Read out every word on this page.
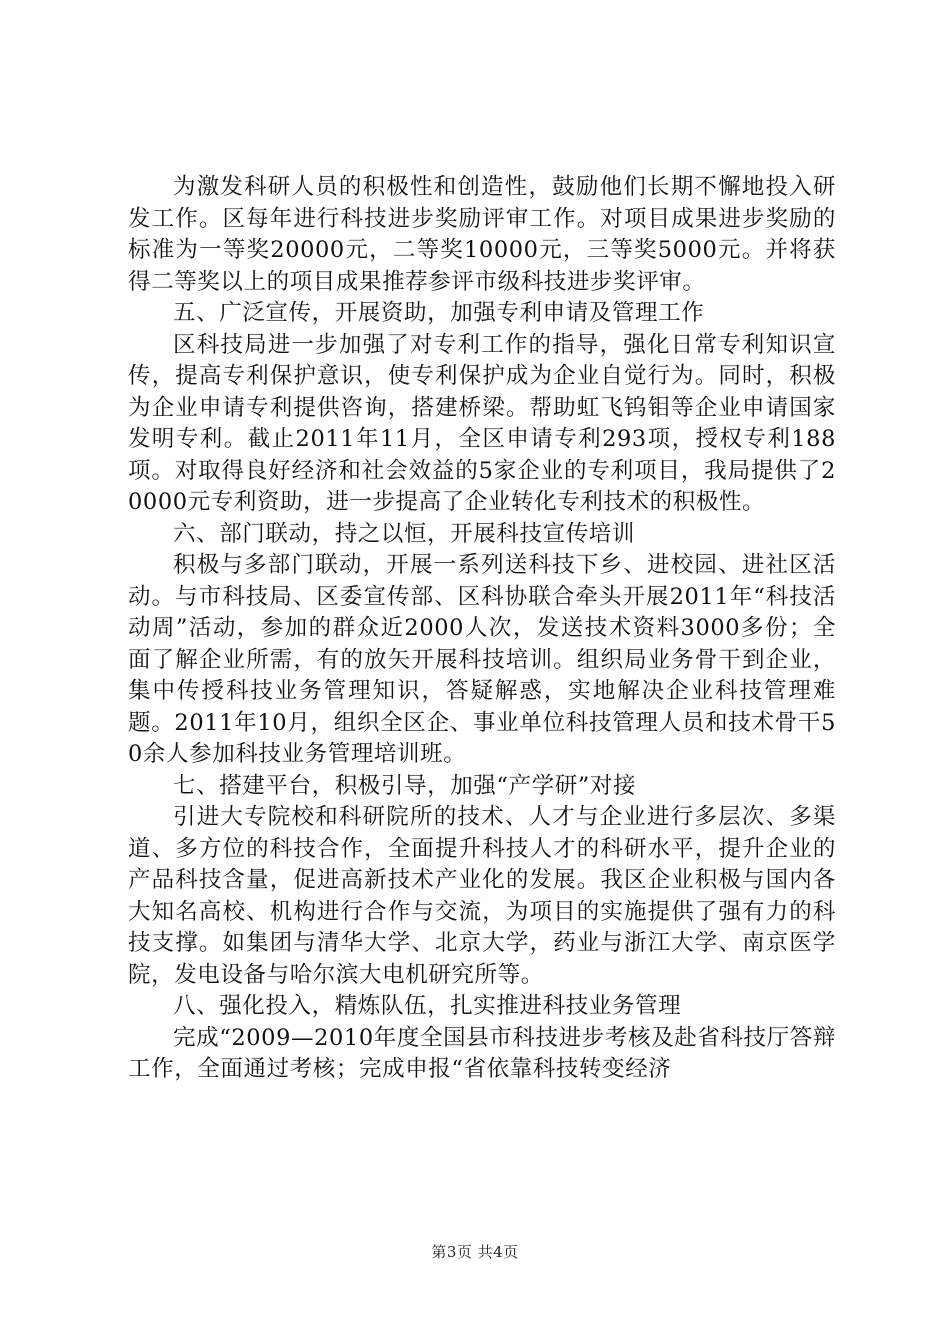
为激发科研人员的积极性和创造性，鼓励他们长期不懈地投入研发工作。区每年进行科技进步奖励评审工作。对项目成果进步奖励的标准为一等奖20000元，二等奖10000元，三等奖5000元。并将获得二等奖以上的项目成果推荐参评市级科技进步奖评审。

五、广泛宣传，开展资助，加强专利申请及管理工作

区科技局进一步加强了对专利工作的指导，强化日常专利知识宣传，提高专利保护意识，使专利保护成为企业自觉行为。同时，积极为企业申请专利提供咨询，搭建桥梁。帮助虹飞钨钼等企业申请国家发明专利。截止2011年11月，全区申请专利293项，授权专利188项。对取得良好经济和社会效益的5家企业的专利项目，我局提供了20000元专利资助，进一步提高了企业转化专利技术的积极性。

六、部门联动，持之以恒，开展科技宣传培训

积极与多部门联动，开展一系列送科技下乡、进校园、进社区活动。与市科技局、区委宣传部、区科协联合牵头开展2011年“科技活动周”活动，参加的群众近2000人次，发送技术资料3000多份；全面了解企业所需，有的放矢开展科技培训。组织局业务骨干到企业，集中传授科技业务管理知识，答疑解惑，实地解决企业科技管理难题。2011年10月，组织全区企、事业单位科技管理人员和技术骨干50余人参加科技业务管理培训班。

七、搭建平台，积极引导，加强“产学研”对接

引进大专院校和科研院所的技术、人才与企业进行多层次、多渠道、多方位的科技合作，全面提升科技人才的科研水平，提升企业的产品科技含量，促进高新技术产业化的发展。我区企业积极与国内各大知名高校、机构进行合作与交流，为项目的实施提供了强有力的科技支撑。如集团与清华大学、北京大学，药业与浙江大学、南京医学院，发电设备与哈尔滨大电机研究所等。

八、强化投入，精炼队伍，扎实推进科技业务管理

完成“2009—2010年度全国县市科技进步考核及赴省科技厅答辩工作，全面通过考核；完成申报“省依靠科技转变经济

第3页 共4页
